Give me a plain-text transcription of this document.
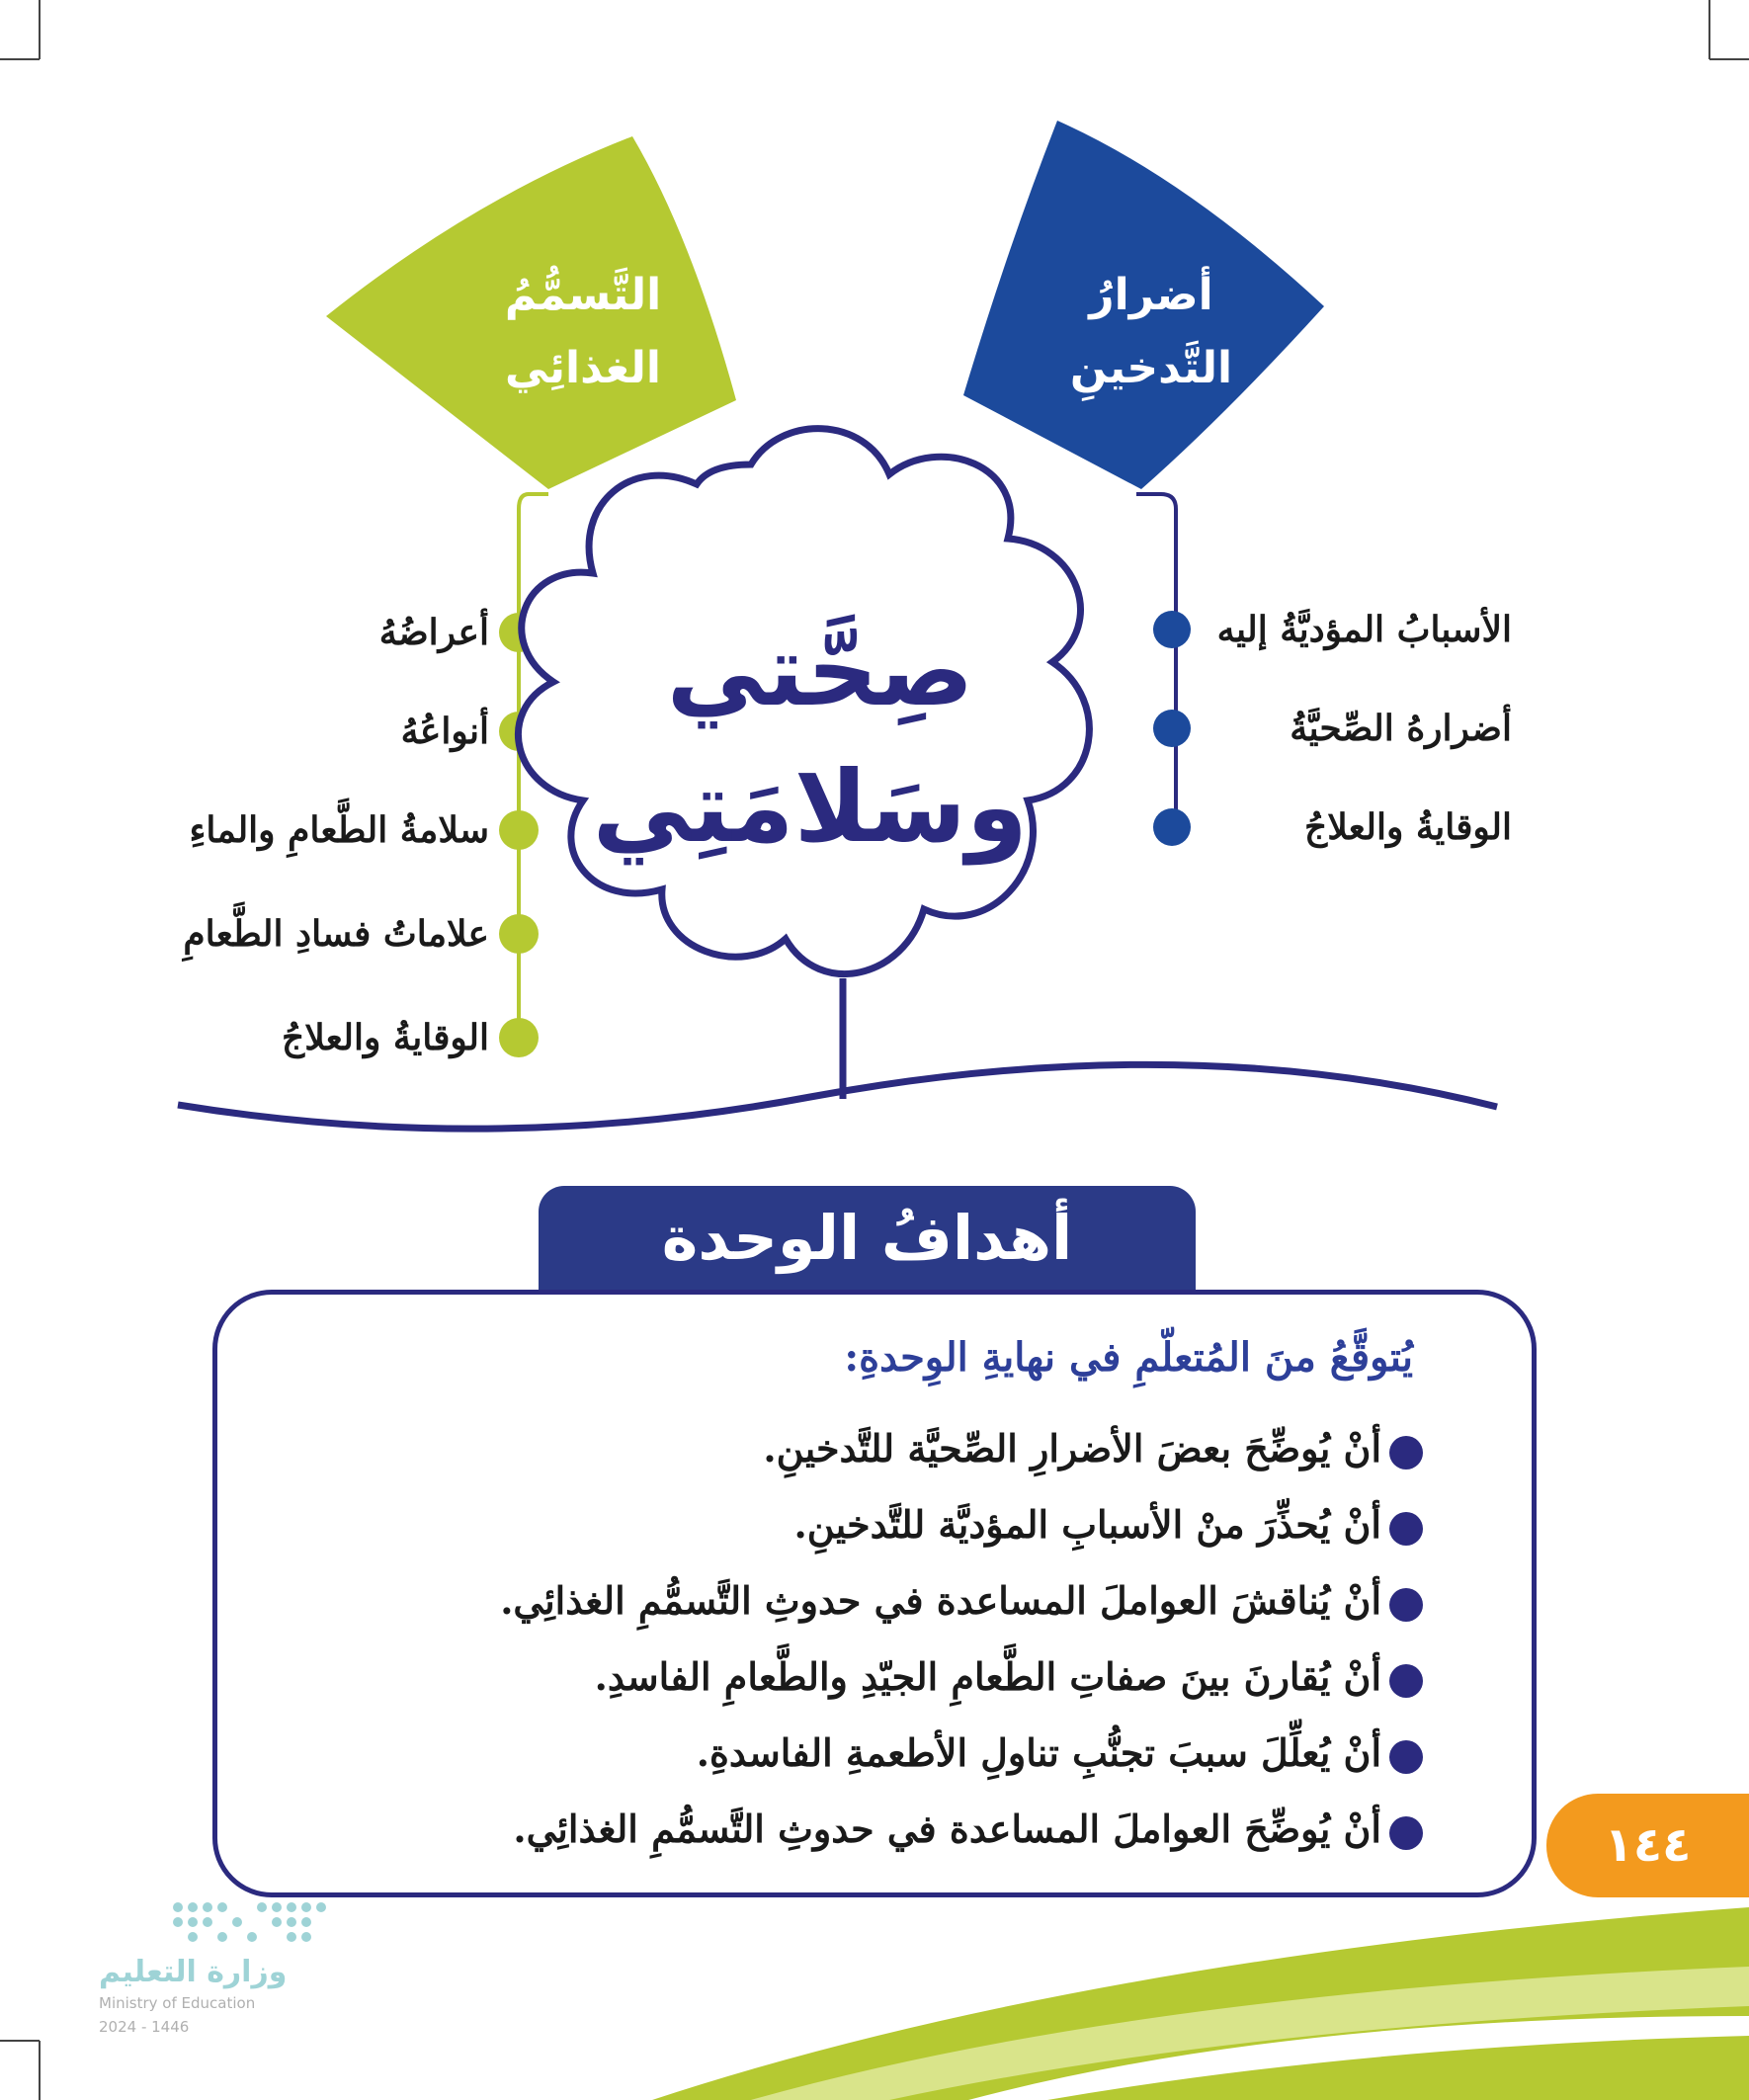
التَّسمُّمُ
الغذائِي
أضرارُ
التَّدخينِ
صِحَّتي
وسَلامَتِي
الأسبابُ المؤديَّةُ إليه
أضرارهُ الصِّحيَّةُ
الوقايةُ والعلاجُ
أعراضُهُ
أنواعُهُ
سلامةُ الطَّعامِ والماءِ
علاماتُ فسادِ الطَّعامِ
الوقايةُ والعلاجُ
أهدافُ الوحدة
يُتوقَّعُ منَ المُتعلّمِ في نهايةِ الوِحدةِ:
أنْ يُوضِّحَ بعضَ الأضرارِ الصِّحيَّة للتَّدخينِ.
أنْ يُحذِّرَ منْ الأسبابِ المؤديَّة للتَّدخينِ.
أنْ يُناقشَ العواملَ المساعدة في حدوثِ التَّسمُّمِ الغذائِي.
أنْ يُقارنَ بينَ صفاتِ الطَّعامِ الجيّدِ والطَّعامِ الفاسدِ.
أنْ يُعلِّلَ سببَ تجنُّبِ تناولِ الأطعمةِ الفاسدةِ.
أنْ يُوضِّحَ العواملَ المساعدة في حدوثِ التَّسمُّمِ الغذائِي.	١٤٤
وزارة التعليم
Ministry of Education
2024 - 1446
